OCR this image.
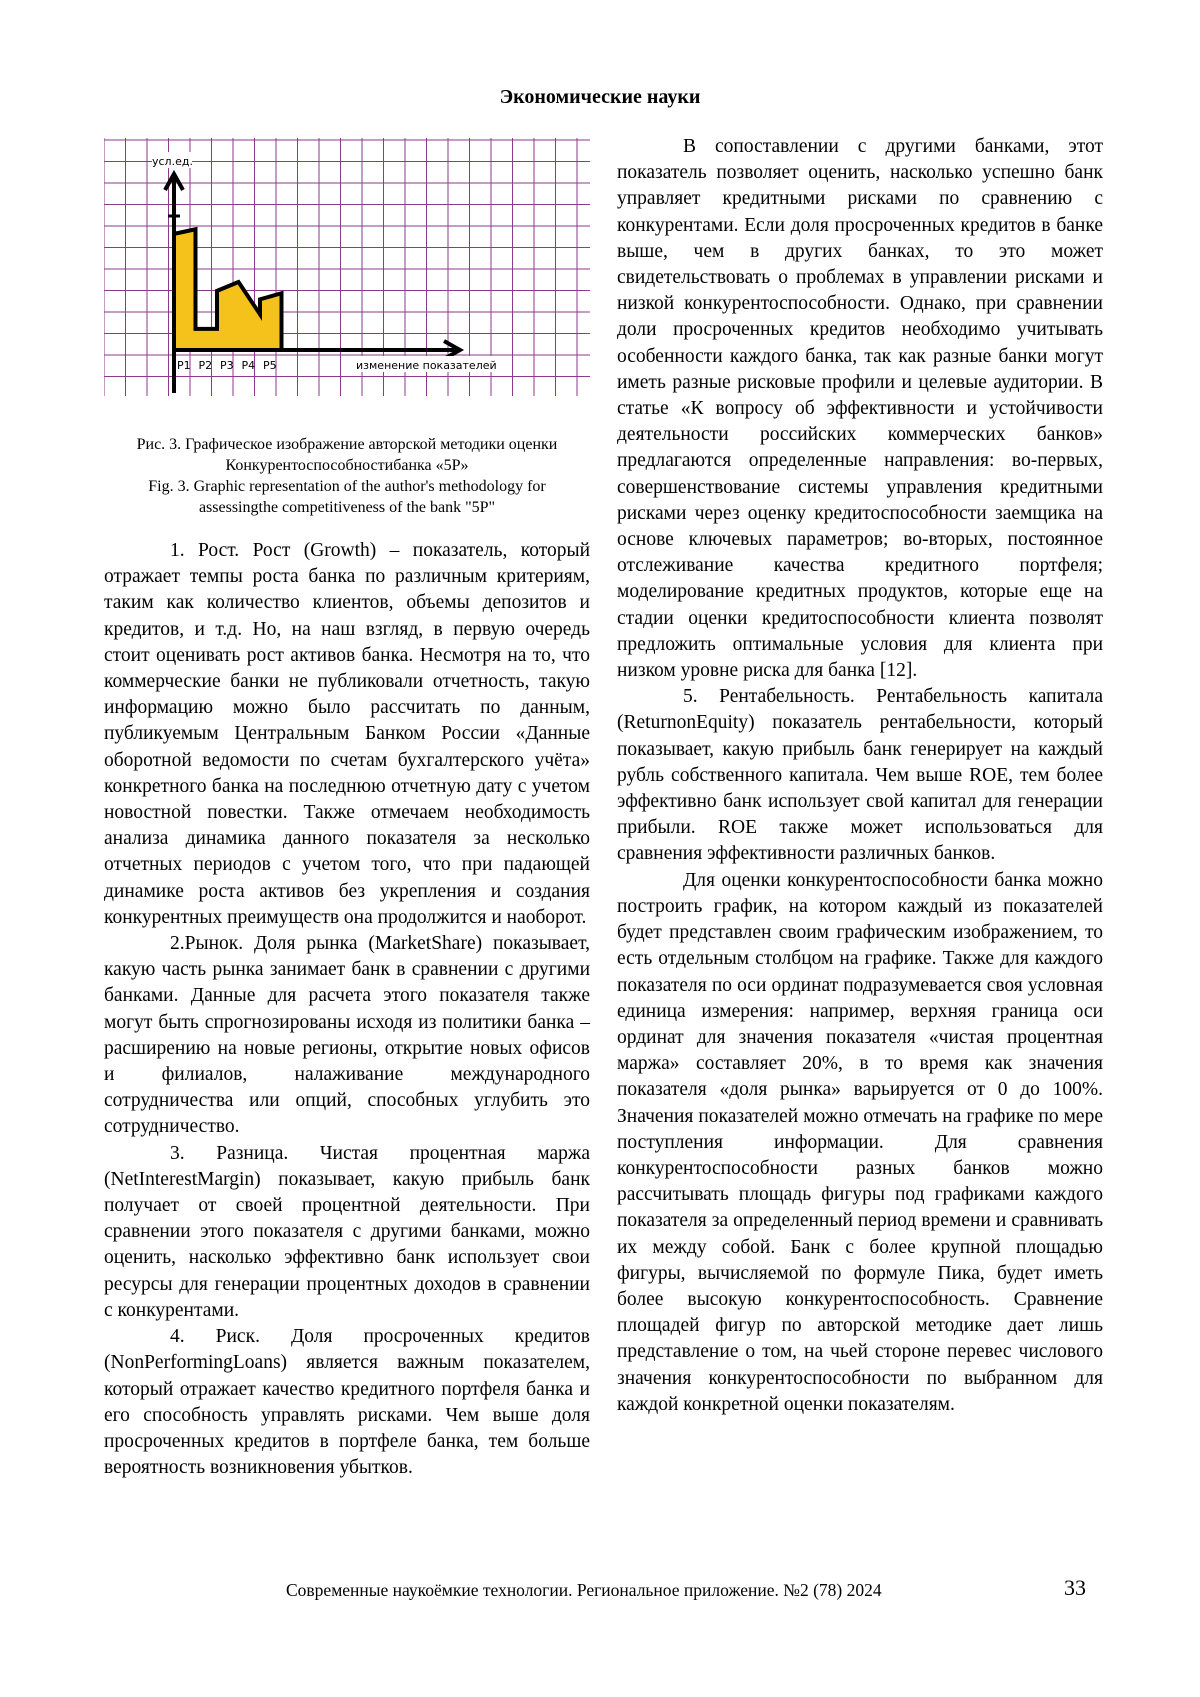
Экономические науки
усл.ед.
P1 P2 P3 P4 P5	изменение показателей
Рис. 3. Графическое изображение авторской методики оценки
Конкурентоспособностибанка «5P»
Fig. 3. Graphic representation of the author's methodology for
assessingthe competitiveness of the bank "5P"

1. Рост. Рост (Growth) – показатель, который отражает темпы роста банка по различным критериям, таким как количество клиентов, объемы депозитов и кредитов, и т.д. Но, на наш взгляд, в первую очередь стоит оценивать рост активов банка. Несмотря на то, что коммерческие банки не публиковали отчетность, такую информацию можно было рассчитать по данным, публикуемым Центральным Банком России «Данные оборотной ведомости по счетам бухгалтерского учёта» конкретного банка на последнюю отчетную дату с учетом новостной повестки. Также отмечаем необходимость анализа динамика данного показателя за несколько отчетных периодов с учетом того, что при падающей динамике роста активов без укрепления и создания конкурентных преимуществ она продолжится и наоборот.

2.Рынок. Доля рынка (MarketShare) показывает, какую часть рынка занимает банк в сравнении с другими банками. Данные для расчета этого показателя также могут быть спрогнозированы исходя из политики банка – расширению на новые регионы, открытие новых офисов и филиалов, налаживание международного сотрудничества или опций, способных углубить это сотрудничество.

3. Разница. Чистая процентная маржа (NetInterestMargin) показывает, какую прибыль банк получает от своей процентной деятельности. При сравнении этого показателя с другими банками, можно оценить, насколько эффективно банк использует свои ресурсы для генерации процентных доходов в сравнении с конкурентами.

4. Риск. Доля просроченных кредитов (NonPerformingLoans) является важным показателем, который отражает качество кредитного портфеля банка и его способность управлять рисками. Чем выше доля просроченных кредитов в портфеле банка, тем больше вероятность возникновения убытков.

В сопоставлении с другими банками, этот показатель позволяет оценить, насколько успешно банк управляет кредитными рисками по сравнению с конкурентами. Если доля просроченных кредитов в банке выше, чем в других банках, то это может свидетельствовать о проблемах в управлении рисками и низкой конкурентоспособности. Однако, при сравнении доли просроченных кредитов необходимо учитывать особенности каждого банка, так как разные банки могут иметь разные рисковые профили и целевые аудитории. В статье «К вопросу об эффективности и устойчивости деятельности российских коммерческих банков» предлагаются определенные направления: во-первых, совершенствование системы управления кредитными рисками через оценку кредитоспособности заемщика на основе ключевых параметров; во-вторых, постоянное отслеживание качества кредитного портфеля; моделирование кредитных продуктов, которые еще на стадии оценки кредитоспособности клиента позволят предложить оптимальные условия для клиента при низком уровне риска для банка [12].

5. Рентабельность. Рентабельность капитала (ReturnonEquity) показатель рентабельности, который показывает, какую прибыль банк генерирует на каждый рубль собственного капитала. Чем выше ROE, тем более эффективно банк использует свой капитал для генерации прибыли. ROE также может использоваться для сравнения эффективности различных банков.

Для оценки конкурентоспособности банка можно построить график, на котором каждый из показателей будет представлен своим графическим изображением, то есть отдельным столбцом на графике. Также для каждого показателя по оси ординат подразумевается своя условная единица измерения: например, верхняя граница оси ординат для значения показателя «чистая процентная маржа» составляет 20%, в то время как значения показателя «доля рынка» варьируется от 0 до 100%. Значения показателей можно отмечать на графике по мере поступления информации. Для сравнения конкурентоспособности разных банков можно рассчитывать площадь фигуры под графиками каждого показателя за определенный период времени и сравнивать их между собой. Банк с более крупной площадью фигуры, вычисляемой по формуле Пика, будет иметь более высокую конкурентоспособность. Сравнение площадей фигур по авторской методике дает лишь представление о том, на чьей стороне перевес числового значения конкурентоспособности по выбранном для каждой конкретной оценки показателям.

Современные наукоёмкие технологии. Региональное приложение. №2 (78) 2024	33
